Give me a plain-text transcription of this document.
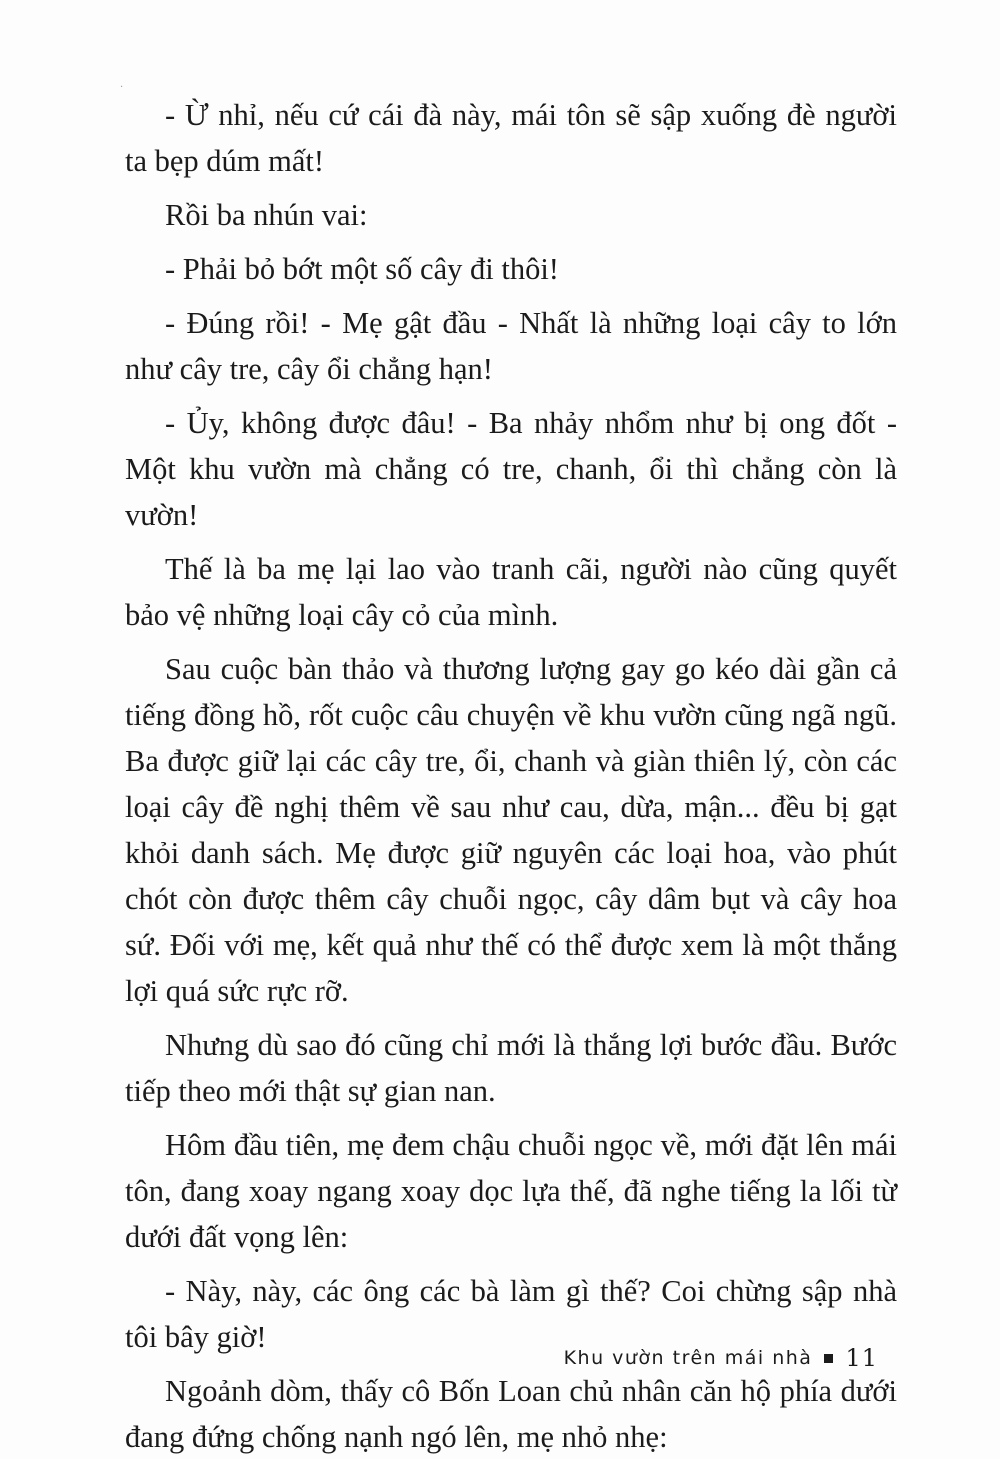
·

- Ừ nhỉ, nếu cứ cái đà này, mái tôn sẽ sập xuống đè người ta bẹp dúm mất!

Rồi ba nhún vai:

- Phải bỏ bớt một số cây đi thôi!

- Đúng rồi! - Mẹ gật đầu - Nhất là những loại cây to lớn như cây tre, cây ổi chẳng hạn!

- Ủy, không được đâu! - Ba nhảy nhổm như bị ong đốt - Một khu vườn mà chẳng có tre, chanh, ổi thì chẳng còn là vườn!

Thế là ba mẹ lại lao vào tranh cãi, người nào cũng quyết bảo vệ những loại cây cỏ của mình.

Sau cuộc bàn thảo và thương lượng gay go kéo dài gần cả tiếng đồng hồ, rốt cuộc câu chuyện về khu vườn cũng ngã ngũ. Ba được giữ lại các cây tre, ổi, chanh và giàn thiên lý, còn các loại cây đề nghị thêm về sau như cau, dừa, mận... đều bị gạt khỏi danh sách. Mẹ được giữ nguyên các loại hoa, vào phút chót còn được thêm cây chuỗi ngọc, cây dâm bụt và cây hoa sứ. Đối với mẹ, kết quả như thế có thể được xem là một thắng lợi quá sức rực rỡ.

Nhưng dù sao đó cũng chỉ mới là thắng lợi bước đầu. Bước tiếp theo mới thật sự gian nan.

Hôm đầu tiên, mẹ đem chậu chuỗi ngọc về, mới đặt lên mái tôn, đang xoay ngang xoay dọc lựa thế, đã nghe tiếng la lối từ dưới đất vọng lên:

- Này, này, các ông các bà làm gì thế? Coi chừng sập nhà tôi bây giờ!

Ngoảnh dòm, thấy cô Bốn Loan chủ nhân căn hộ phía dưới đang đứng chống nạnh ngó lên, mẹ nhỏ nhẹ:

Khu vườn trên mái nhà 11
